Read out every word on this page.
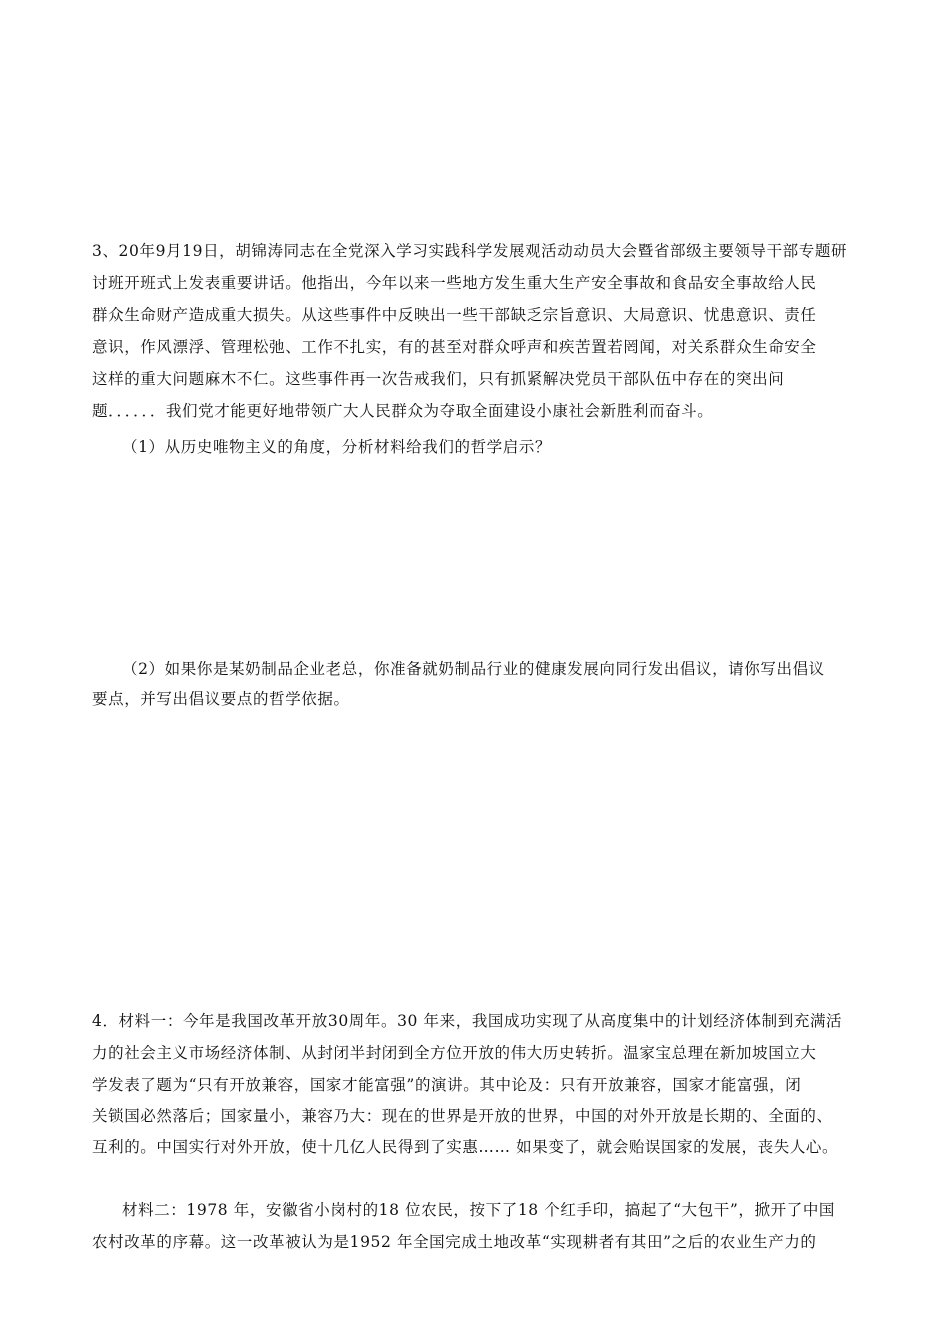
3、20年9月19日，胡锦涛同志在全党深入学习实践科学发展观活动动员大会暨省部级主要领导干部专题研
讨班开班式上发表重要讲话。他指出，今年以来一些地方发生重大生产安全事故和食品安全事故给人民
群众生命财产造成重大损失。从这些事件中反映出一些干部缺乏宗旨意识、大局意识、忧患意识、责任
意识，作风漂浮、管理松弛、工作不扎实，有的甚至对群众呼声和疾苦置若罔闻，对关系群众生命安全
这样的重大问题麻木不仁。这些事件再一次告戒我们，只有抓紧解决党员干部队伍中存在的突出问
题．．．．．．我们党才能更好地带领广大人民群众为夺取全面建设小康社会新胜利而奋斗。
（1）从历史唯物主义的角度，分析材料给我们的哲学启示？
（2）如果你是某奶制品企业老总，你准备就奶制品行业的健康发展向同行发出倡议，请你写出倡议
要点，并写出倡议要点的哲学依据。
4．材料一：今年是我国改革开放30周年。30 年来，我国成功实现了从高度集中的计划经济体制到充满活
力的社会主义市场经济体制、从封闭半封闭到全方位开放的伟大历史转折。温家宝总理在新加坡国立大
学发表了题为“只有开放兼容，国家才能富强”的演讲。其中论及：只有开放兼容，国家才能富强，闭
关锁国必然落后；国家量小，兼容乃大：现在的世界是开放的世界，中国的对外开放是长期的、全面的、
互利的。中国实行对外开放，使十几亿人民得到了实惠…… 如果变了，就会贻误国家的发展，丧失人心。
材料二：1978 年，安徽省小岗村的18 位农民，按下了18 个红手印，搞起了“大包干”，掀开了中国
农村改革的序幕。这一改革被认为是1952 年全国完成土地改革“实现耕者有其田”之后的农业生产力的
